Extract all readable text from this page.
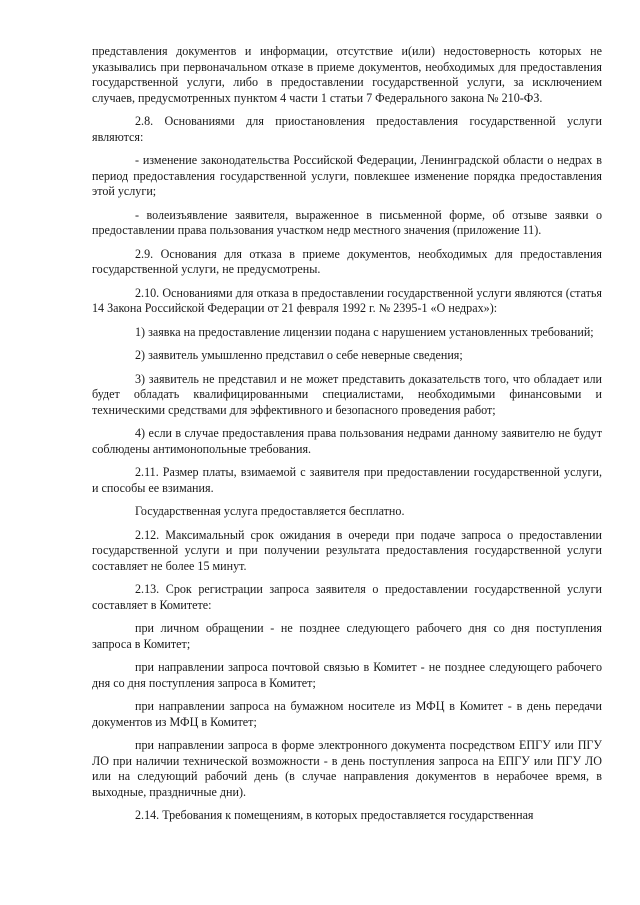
представления документов и информации, отсутствие и(или) недостоверность которых не указывались при первоначальном отказе в приеме документов, необходимых для предоставления государственной услуги, либо в предоставлении государственной услуги, за исключением случаев, предусмотренных пунктом 4 части 1 статьи 7 Федерального закона № 210-ФЗ.

2.8. Основаниями для приостановления предоставления государственной услуги являются:

- изменение законодательства Российской Федерации, Ленинградской области о недрах в период предоставления государственной услуги, повлекшее изменение порядка предоставления этой услуги;

- волеизъявление заявителя, выраженное в письменной форме, об отзыве заявки о предоставлении права пользования участком недр местного значения (приложение 11).

2.9. Основания для отказа в приеме документов, необходимых для предоставления государственной услуги, не предусмотрены.

2.10. Основаниями для отказа в предоставлении государственной услуги являются (статья 14 Закона Российской Федерации от 21 февраля 1992 г. № 2395-1 «О недрах»):

1) заявка на предоставление лицензии подана с нарушением установленных требований;

2) заявитель умышленно представил о себе неверные сведения;

3) заявитель не представил и не может представить доказательств того, что обладает или будет обладать квалифицированными специалистами, необходимыми финансовыми и техническими средствами для эффективного и безопасного проведения работ;

4) если в случае предоставления права пользования недрами данному заявителю не будут соблюдены антимонопольные требования.

2.11. Размер платы, взимаемой с заявителя при предоставлении государственной услуги, и способы ее взимания.

Государственная услуга предоставляется бесплатно.

2.12. Максимальный срок ожидания в очереди при подаче запроса о предоставлении государственной услуги и при получении результата предоставления государственной услуги составляет не более 15 минут.

2.13. Срок регистрации запроса заявителя о предоставлении государственной услуги составляет в Комитете:

при личном обращении - не позднее следующего рабочего дня со дня поступления запроса в Комитет;

при направлении запроса почтовой связью в Комитет - не позднее следующего рабочего дня со дня поступления запроса в Комитет;

при направлении запроса на бумажном носителе из МФЦ в Комитет - в день передачи документов из МФЦ в Комитет;

при направлении запроса в форме электронного документа посредством ЕПГУ или ПГУ ЛО при наличии технической возможности - в день поступления запроса на ЕПГУ или ПГУ ЛО или на следующий рабочий день (в случае направления документов в нерабочее время, в выходные, праздничные дни).

2.14. Требования к помещениям, в которых предоставляется государственная
